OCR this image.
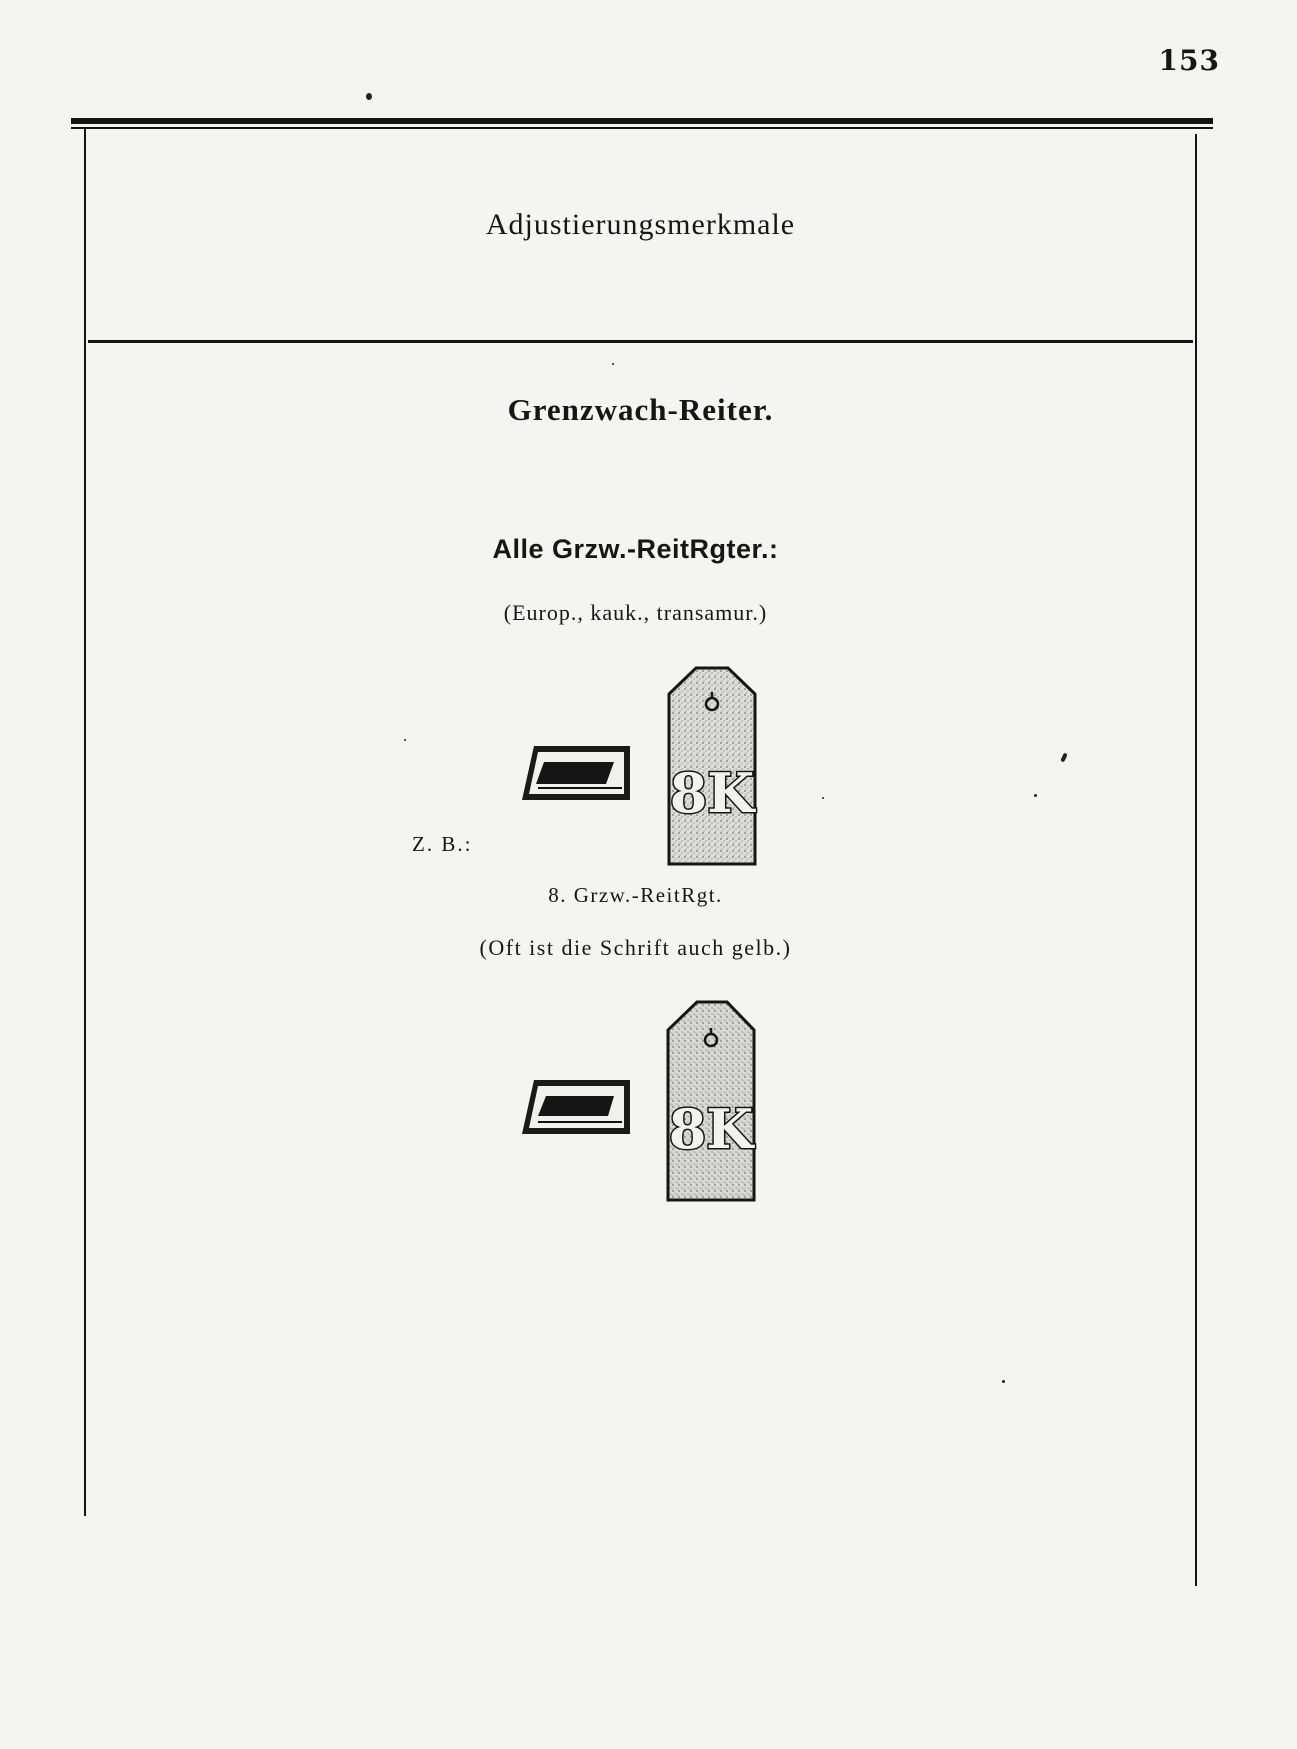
153
Adjustierungsmerkmale
Grenzwach-Reiter.
Alle Grzw.-ReitRgter.:
(Europ., kauk., transamur.)
8K
Z. B.:
8. Grzw.-ReitRgt.
(Oft ist die Schrift auch gelb.)
8K
